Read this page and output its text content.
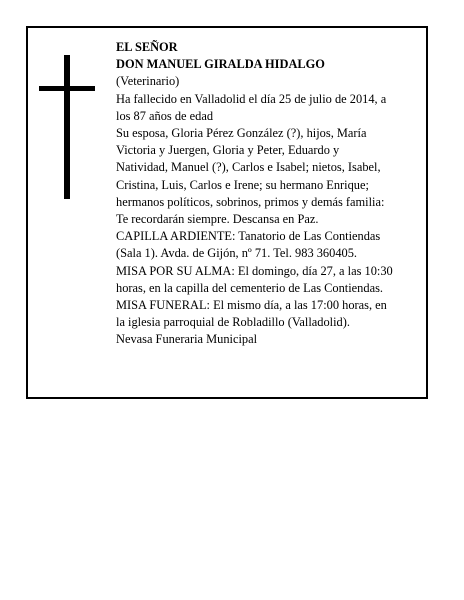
EL SEÑOR
DON MANUEL GIRALDA HIDALGO
(Veterinario)
Ha fallecido en Valladolid el día 25 de julio de 2014, a
los 87 años de edad
Su esposa, Gloria Pérez González (?), hijos, María
Victoria y Juergen, Gloria y Peter, Eduardo y
Natividad, Manuel (?), Carlos e Isabel; nietos, Isabel,
Cristina, Luis, Carlos e Irene; su hermano Enrique;
hermanos políticos, sobrinos, primos y demás familia:
Te recordarán siempre. Descansa en Paz.
CAPILLA ARDIENTE: Tanatorio de Las Contiendas
(Sala 1). Avda. de Gijón, nº 71. Tel. 983 360405.
MISA POR SU ALMA: El domingo, día 27, a las 10:30
horas, en la capilla del cementerio de Las Contiendas.
MISA FUNERAL: El mismo día, a las 17:00 horas, en
la iglesia parroquial de Robladillo (Valladolid).
Nevasa Funeraria Municipal
